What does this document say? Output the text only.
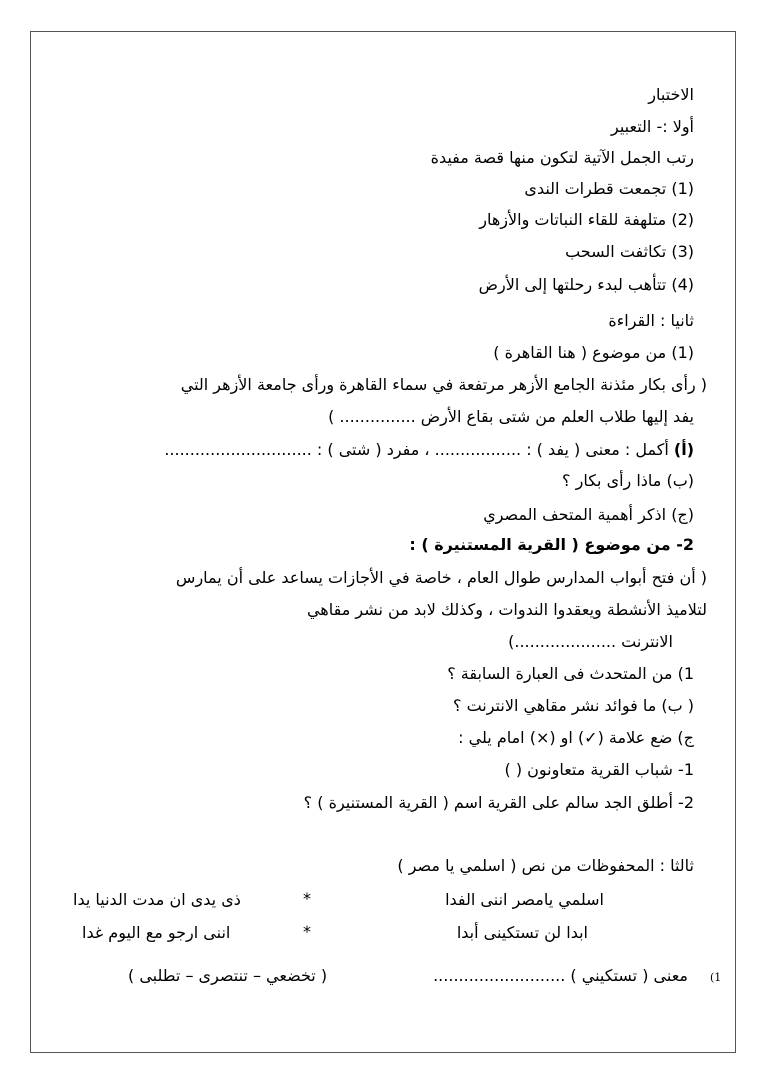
الاختبار
أولا :- التعبير
رتب الجمل الآتية لتكون منها قصة مفيدة
(1) تجمعت قطرات الندى
(2) متلهفة للقاء النباتات والأزهار
(3) تكاثفت السحب
(4) تتأهب لبدء رحلتها إلى الأرض
ثانيا : القراءة
(1) من موضوع ( هنا القاهرة )
( رأى بكار مئذنة الجامع الأزهر مرتفعة في سماء القاهرة ورأى جامعة الأزهر التي
يفد إليها طلاب العلم من شتى بقاع الأرض ............... )
(أ) أكمل : معنى ( يفد ) : ................. ، مفرد ( شتى ) : .............................
(ب) ماذا رأى بكار ؟
(ج) اذكر أهمية المتحف المصري
2- من موضوع ( القرية المستنيرة ) :
( أن فتح أبواب المدارس طوال العام ، خاصة في الأجازات يساعد على أن يمارس
لتلاميذ الأنشطة ويعقدوا الندوات ، وكذلك لابد من نشر مقاهي
الانترنت ....................)
1) من المتحدث فى العبارة السابقة ؟
( ب) ما فوائد نشر مقاهي الانترنت ؟
ج) ضع علامة (✓) او (×) امام يلي :
1- شباب القرية متعاونون ( )
2- أطلق الجد سالم على القرية اسم ( القرية المستنيرة ) ؟
ثالثا : المحفوظات من نص ( اسلمي يا مصر )
اسلمي يامصر اننى الفدا
*
ذى يدى ان مدت الدنيا يدا
ابدا لن تستكينى أبدا
*
اننى ارجو مع اليوم غدا
(1
معنى ( تستكيني ) ..........................
( تخضعي – تنتصرى – تطلبى )
